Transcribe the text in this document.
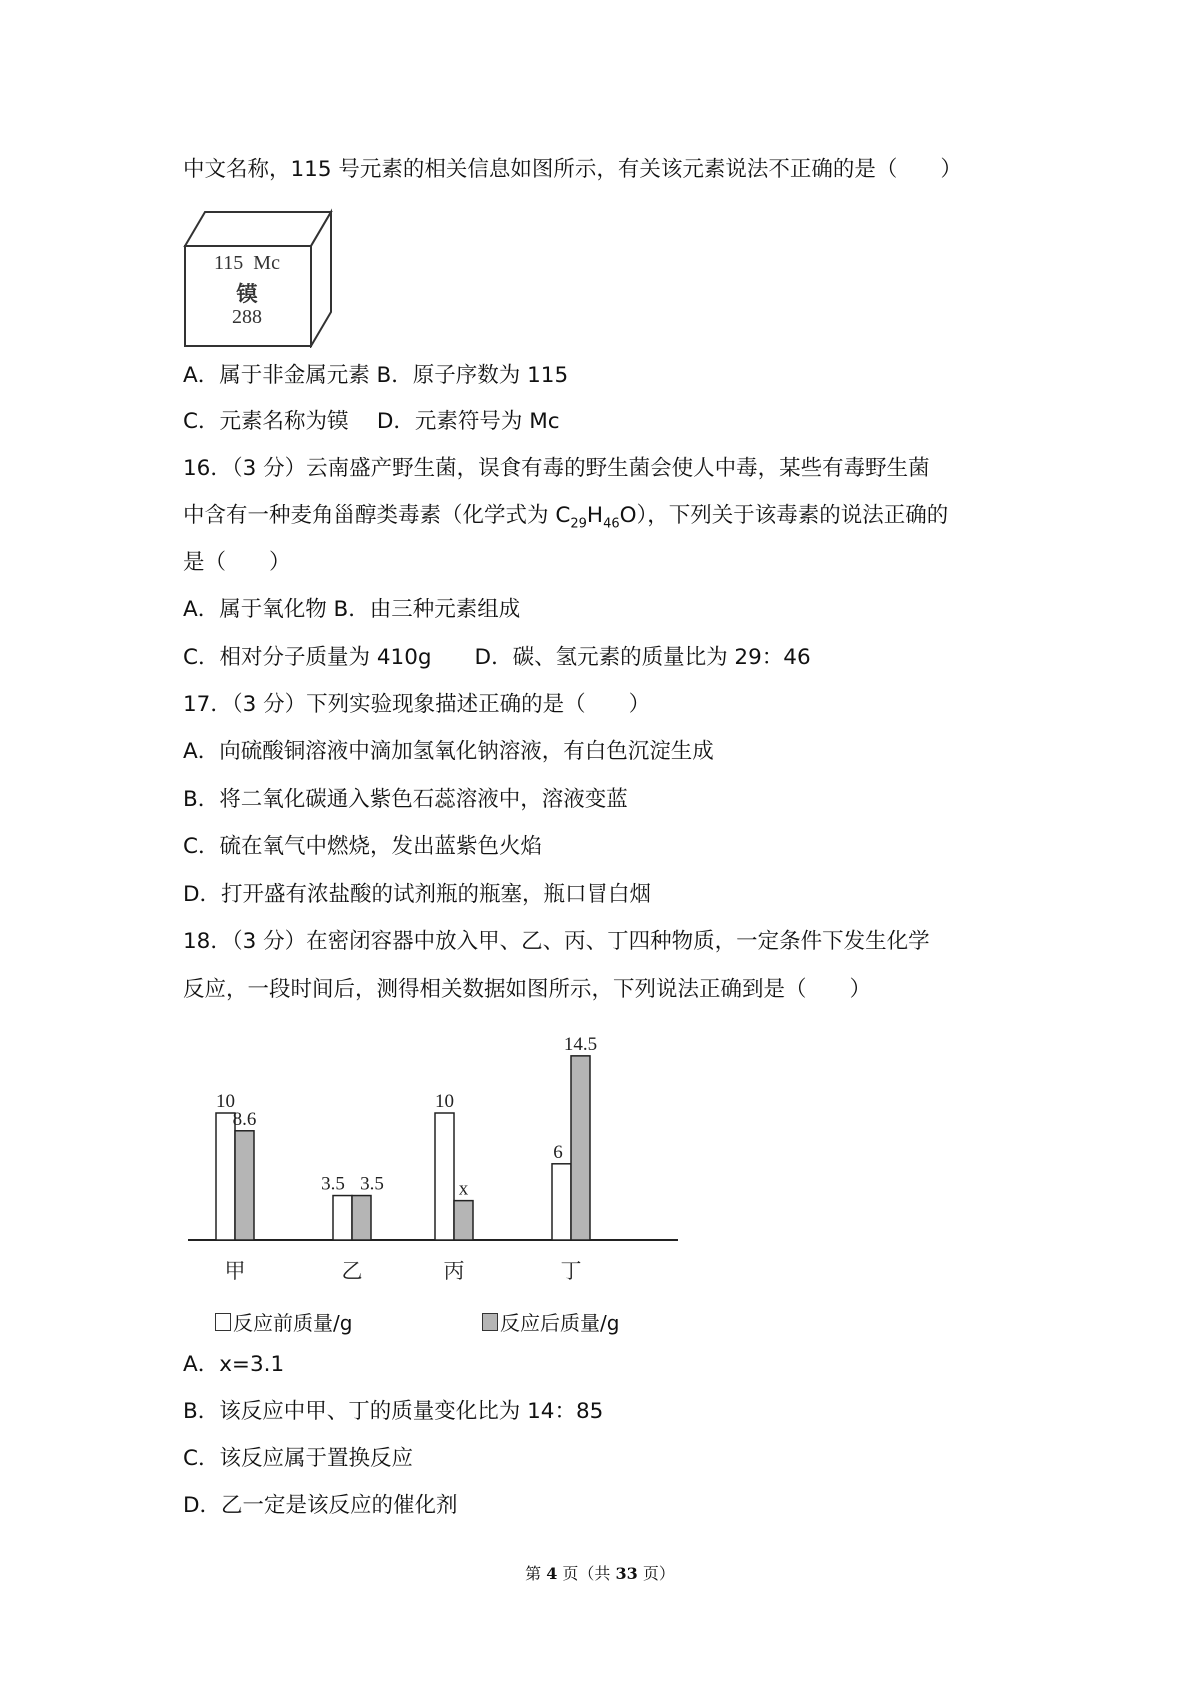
中文名称，115 号元素的相关信息如图所示，有关该元素说法不正确的是（　　）
115 Mc
镆
288
A．属于非金属元素 B．原子序数为 115
C．元素名称为镆　 D．元素符号为 Mc
16．（3 分）云南盛产野生菌，误食有毒的野生菌会使人中毒，某些有毒野生菌
中含有一种麦角甾醇类毒素（化学式为 $C_{29}H_{46}O$），下列关于该毒素的说法正确的
是（　　）
A．属于氧化物 B．由三种元素组成
C．相对分子质量为 410g　　D．碳、氢元素的质量比为 29：46
17．（3 分）下列实验现象描述正确的是（　　）
A．向硫酸铜溶液中滴加氢氧化钠溶液，有白色沉淀生成
B．将二氧化碳通入紫色石蕊溶液中，溶液变蓝
C．硫在氧气中燃烧，发出蓝紫色火焰
D．打开盛有浓盐酸的试剂瓶的瓶塞，瓶口冒白烟
18．（3 分）在密闭容器中放入甲、乙、丙、丁四种物质，一定条件下发生化学
反应，一段时间后，测得相关数据如图所示，下列说法正确到是（　　）
10
8.6
甲
3.5 3.5
乙
10
x
丙
6
14.5
丁
反应前质量/g	反应后质量/g
A．x=3.1
B．该反应中甲、丁的质量变化比为 14：85
C．该反应属于置换反应
D．乙一定是该反应的催化剂
第 4 页（共 33 页）
